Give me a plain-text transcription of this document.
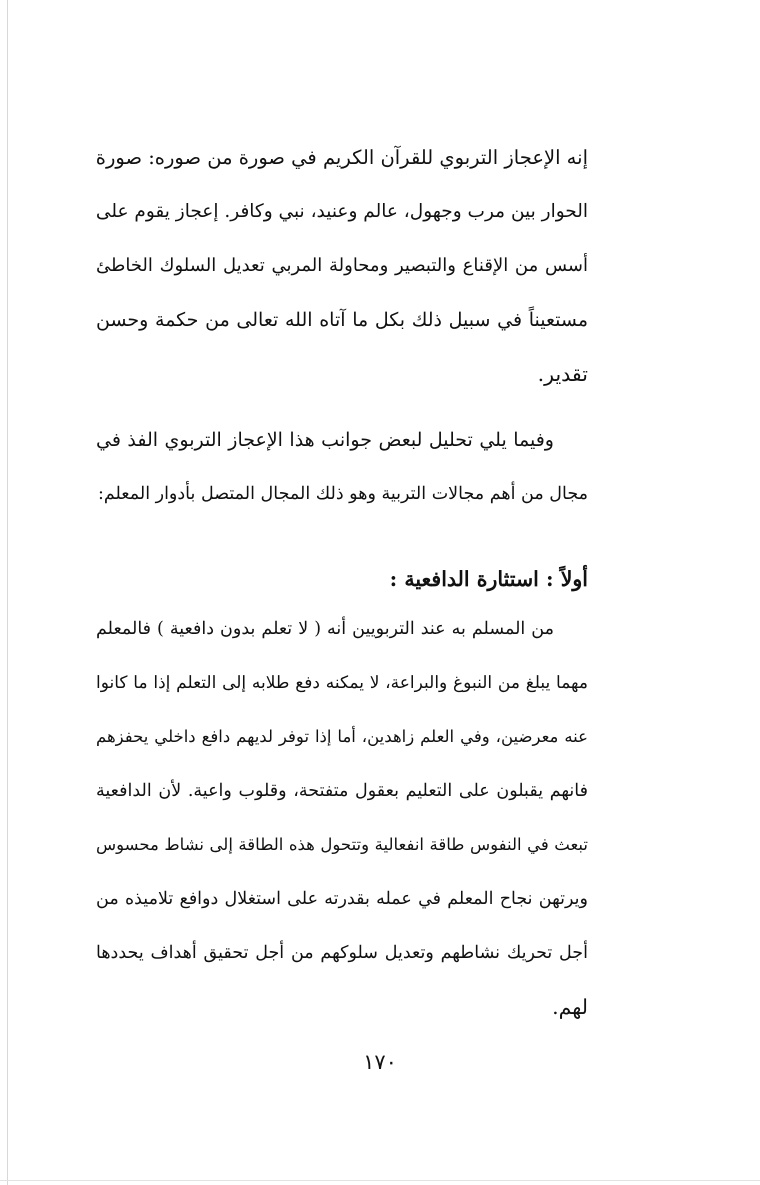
إنه الإعجاز التربوي للقرآن الكريم في صورة من صوره: صورة
الحوار بين مرب وجهول، عالم وعنيد، نبي وكافر. إعجاز يقوم على
أسس من الإقناع والتبصير ومحاولة المربي تعديل السلوك الخاطئ
مستعيناً في سبيل ذلك بكل ما آتاه الله تعالى من حكمة وحسن
تقدير.
وفيما يلي تحليل لبعض جوانب هذا الإعجاز التربوي الفذ في
مجال من أهم مجالات التربية وهو ذلك المجال المتصل بأدوار المعلم:
أولاً : استثارة الدافعية :
من المسلم به عند التربويين أنه ( لا تعلم بدون دافعية ) فالمعلم
مهما يبلغ من النبوغ والبراعة، لا يمكنه دفع طلابه إلى التعلم إذا ما كانوا
عنه معرضين، وفي العلم زاهدين، أما إذا توفر لديهم دافع داخلي يحفزهم
فانهم يقبلون على التعليم بعقول متفتحة، وقلوب واعية. لأن الدافعية
تبعث في النفوس طاقة انفعالية وتتحول هذه الطاقة إلى نشاط محسوس
ويرتهن نجاح المعلم في عمله بقدرته على استغلال دوافع تلاميذه من
أجل تحريك نشاطهم وتعديل سلوكهم من أجل تحقيق أهداف يحددها
لهم.
١٧٠
